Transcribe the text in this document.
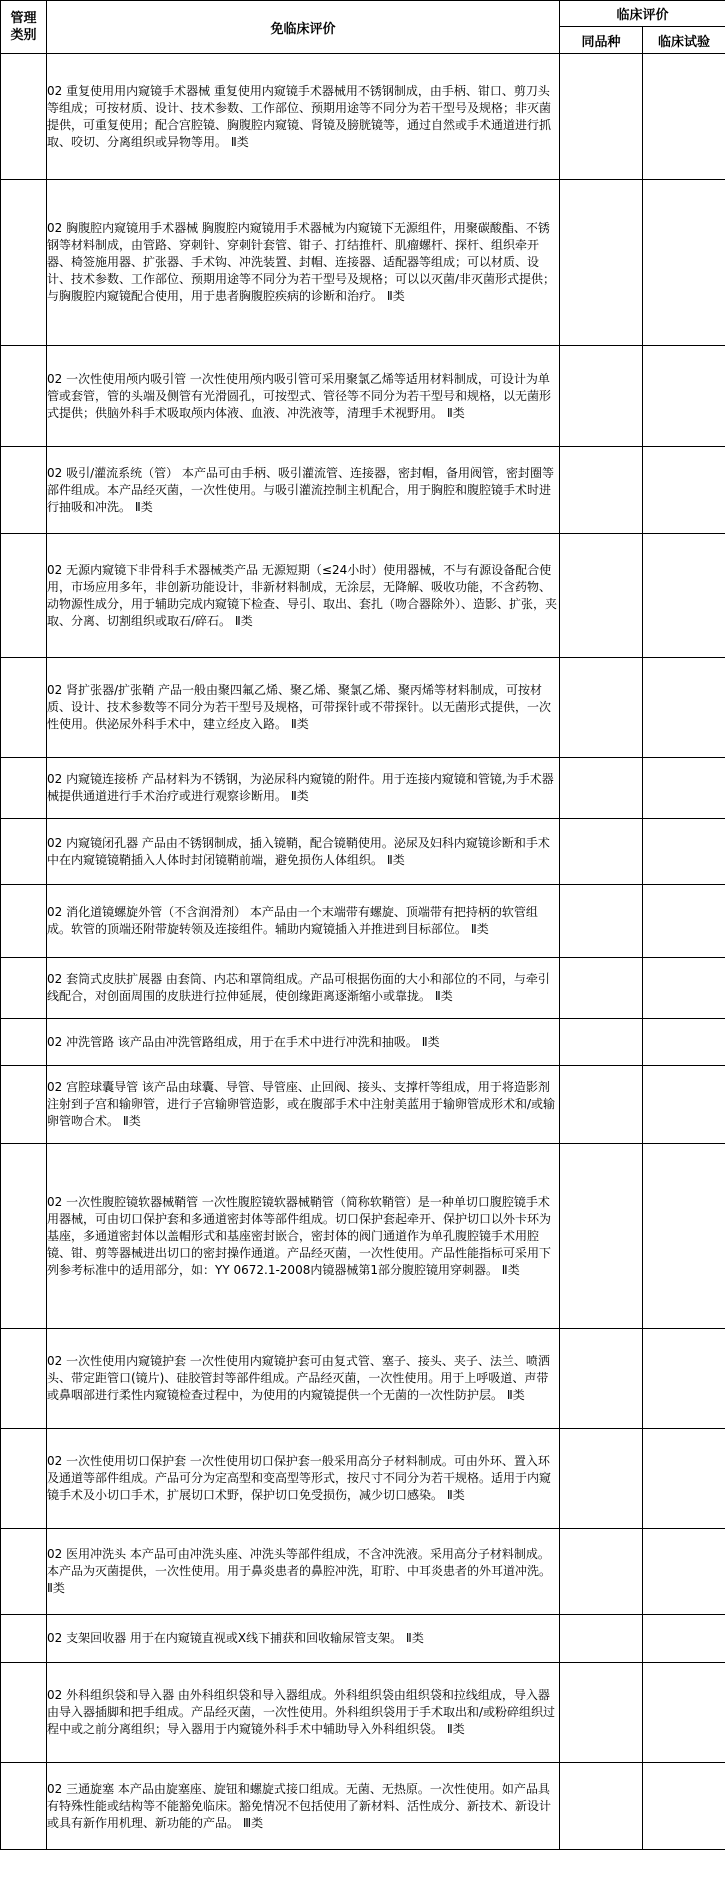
管理
类别	免临床评价	临床评价	
		同品种	临床试验
	02 重复使用用内窥镜手术器械 重复使用内窥镜手术器械用不锈钢制成，由手柄、钳口、剪刀头等组成；可按材质、设计、技术参数、工作部位、预期用途等不同分为若干型号及规格；非灭菌提供，可重复使用；配合宫腔镜、胸腹腔内窥镜、肾镜及膀胱镜等，通过自然或手术通道进行抓取、咬切、分离组织或异物等用。 Ⅱ类		
	02 胸腹腔内窥镜用手术器械 胸腹腔内窥镜用手术器械为内窥镜下无源组件，用聚碳酸酯、不锈钢等材料制成，由管路、穿刺针、穿刺针套管、钳子、打结推杆、肌瘤螺杆、探杆、组织牵开器、椅签施用器、扩张器、手术钩、冲洗装置、封帽、连接器、适配器等组成；可以材质、设计、技术参数、工作部位、预期用途等不同分为若干型号及规格；可以以灭菌/非灭菌形式提供；与胸腹腔内窥镜配合使用，用于患者胸腹腔疾病的诊断和治疗。 Ⅱ类		
	02 一次性使用颅内吸引管 一次性使用颅内吸引管可采用聚氯乙烯等适用材料制成，可设计为单管或套管，管的头端及侧管有光滑圆孔，可按型式、管径等不同分为若干型号和规格，以无菌形式提供；供脑外科手术吸取颅内体液、血液、冲洗液等，清理手术视野用。 Ⅱ类		
	02 吸引/灌流系统（管） 本产品可由手柄、吸引灌流管、连接器，密封帽，备用阀管，密封圈等部件组成。本产品经灭菌，一次性使用。与吸引灌流控制主机配合，用于胸腔和腹腔镜手术时进行抽吸和冲洗。 Ⅱ类		
	02 无源内窥镜下非骨科手术器械类产品 无源短期（≤24小时）使用器械，不与有源设备配合使用，市场应用多年，非创新功能设计，非新材料制成，无涂层，无降解、吸收功能，不含药物、动物源性成分，用于辅助完成内窥镜下检查、导引、取出、套扎（吻合器除外）、造影、扩张，夹取、分离、切割组织或取石/碎石。 Ⅱ类		
	02 肾扩张器/扩张鞘 产品一般由聚四氟乙烯、聚乙烯、聚氯乙烯、聚丙烯等材料制成，可按材质、设计、技术参数等不同分为若干型号及规格，可带探针或不带探针。以无菌形式提供，一次性使用。供泌尿外科手术中，建立经皮入路。 Ⅱ类		
	02 内窥镜连接桥 产品材料为不锈钢，为泌尿科内窥镜的附件。用于连接内窥镜和管镜,为手术器械提供通道进行手术治疗或进行观察诊断用。 Ⅱ类		
	02 内窥镜闭孔器 产品由不锈钢制成，插入镜鞘，配合镜鞘使用。泌尿及妇科内窥镜诊断和手术中在内窥镜镜鞘插入人体时封闭镜鞘前端，避免损伤人体组织。 Ⅱ类		
	02 消化道镜螺旋外管（不含润滑剂） 本产品由一个末端带有螺旋、顶端带有把持柄的软管组成。软管的顶端还附带旋转领及连接组件。辅助内窥镜插入并推进到目标部位。 Ⅱ类		
	02 套筒式皮肤扩展器 由套筒、内芯和罩筒组成。产品可根据伤面的大小和部位的不同，与牵引线配合，对创面周围的皮肤进行拉伸延展，使创缘距离逐渐缩小或靠拢。 Ⅱ类		
	02 冲洗管路 该产品由冲洗管路组成，用于在手术中进行冲洗和抽吸。 Ⅱ类		
	02 宫腔球囊导管 该产品由球囊、导管、导管座、止回阀、接头、支撑杆等组成，用于将造影剂注射到子宫和输卵管，进行子宫输卵管造影，或在腹部手术中注射美蓝用于输卵管成形术和/或输卵管吻合术。 Ⅱ类		
	02 一次性腹腔镜软器械鞘管 一次性腹腔镜软器械鞘管（简称软鞘管）是一种单切口腹腔镜手术用器械，可由切口保护套和多通道密封体等部件组成。切口保护套起牵开、保护切口以外卡环为基座，多通道密封体以盖帽形式和基座密封嵌合，密封体的阀门通道作为单孔腹腔镜手术用腔镜、钳、剪等器械进出切口的密封操作通道。产品经灭菌，一次性使用。产品性能指标可采用下列参考标准中的适用部分，如：YY 0672.1-2008内镜器械第1部分腹腔镜用穿刺器。 Ⅱ类		
	02 一次性使用内窥镜护套 一次性使用内窥镜护套可由复式管、塞子、接头、夹子、法兰、喷洒头、带定距管口(镜片)、硅胶管封等部件组成。产品经灭菌，一次性使用。用于上呼吸道、声带或鼻咽部进行柔性内窥镜检查过程中，为使用的内窥镜提供一个无菌的一次性防护层。 Ⅱ类		
	02 一次性使用切口保护套 一次性使用切口保护套一般采用高分子材料制成。可由外环、置入环及通道等部件组成。产品可分为定高型和变高型等形式，按尺寸不同分为若干规格。适用于内窥镜手术及小切口手术，扩展切口术野，保护切口免受损伤，减少切口感染。 Ⅱ类		
	02 医用冲洗头 本产品可由冲洗头座、冲洗头等部件组成，不含冲洗液。采用高分子材料制成。本产品为灭菌提供，一次性使用。用于鼻炎患者的鼻腔冲洗，耵聍、中耳炎患者的外耳道冲洗。 Ⅱ类		
	02 支架回收器 用于在内窥镜直视或X线下捕获和回收输尿管支架。 Ⅱ类		
	02 外科组织袋和导入器 由外科组织袋和导入器组成。外科组织袋由组织袋和拉线组成，导入器由导入器插脚和把手组成。产品经灭菌，一次性使用。外科组织袋用于手术取出和/或粉碎组织过程中或之前分离组织；导入器用于内窥镜外科手术中辅助导入外科组织袋。 Ⅱ类		
	02 三通旋塞 本产品由旋塞座、旋钮和螺旋式接口组成。无菌、无热原。一次性使用。如产品具有特殊性能或结构等不能豁免临床。豁免情况不包括使用了新材料、活性成分、新技术、新设计或具有新作用机理、新功能的产品。 Ⅲ类		
